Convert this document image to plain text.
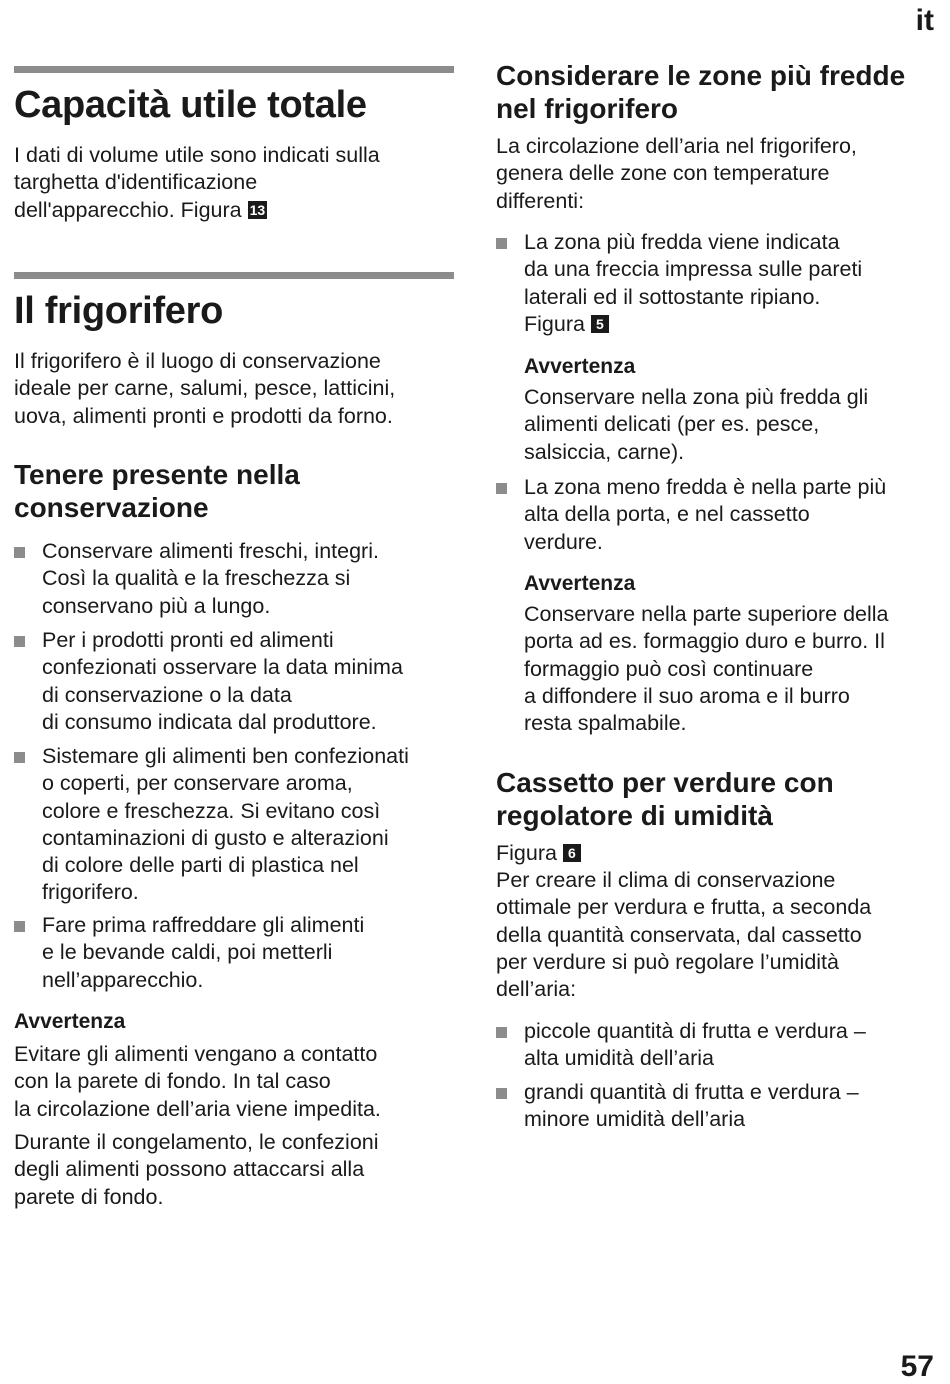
it
Capacità utile totale

I dati di volume utile sono indicati sulla
targhetta d'identificazione
dell'apparecchio. Figura 13

Il frigorifero

Il frigorifero è il luogo di conservazione
ideale per carne, salumi, pesce, latticini,
uova, alimenti pronti e prodotti da forno.

Tenere presente nella
conservazione

Conservare alimenti freschi, integri.
Così la qualità e la freschezza si
conservano più a lungo.

Per i prodotti pronti ed alimenti
confezionati osservare la data minima
di conservazione o la data
di consumo indicata dal produttore.

Sistemare gli alimenti ben confezionati
o coperti, per conservare aroma,
colore e freschezza. Si evitano così
contaminazioni di gusto e alterazioni
di colore delle parti di plastica nel
frigorifero.

Fare prima raffreddare gli alimenti
e le bevande caldi, poi metterli
nell’apparecchio.

Avvertenza

Evitare gli alimenti vengano a contatto
con la parete di fondo. In tal caso
la circolazione dell’aria viene impedita.

Durante il congelamento, le confezioni
degli alimenti possono attaccarsi alla
parete di fondo.

Considerare le zone più fredde
nel frigorifero

La circolazione dell’aria nel frigorifero,
genera delle zone con temperature
differenti:

La zona più fredda viene indicata
da una freccia impressa sulle pareti
laterali ed il sottostante ripiano.
Figura 5

Avvertenza

Conservare nella zona più fredda gli
alimenti delicati (per es. pesce,
salsiccia, carne).

La zona meno fredda è nella parte più
alta della porta, e nel cassetto
verdure.

Avvertenza

Conservare nella parte superiore della
porta ad es. formaggio duro e burro. Il
formaggio può così continuare
a diffondere il suo aroma e il burro
resta spalmabile.

Cassetto per verdure con
regolatore di umidità

Figura 6

Per creare il clima di conservazione
ottimale per verdura e frutta, a seconda
della quantità conservata, dal cassetto
per verdure si può regolare l’umidità
dell’aria:

piccole quantità di frutta e verdura –
alta umidità dell’aria

grandi quantità di frutta e verdura –
minore umidità dell’aria

57
